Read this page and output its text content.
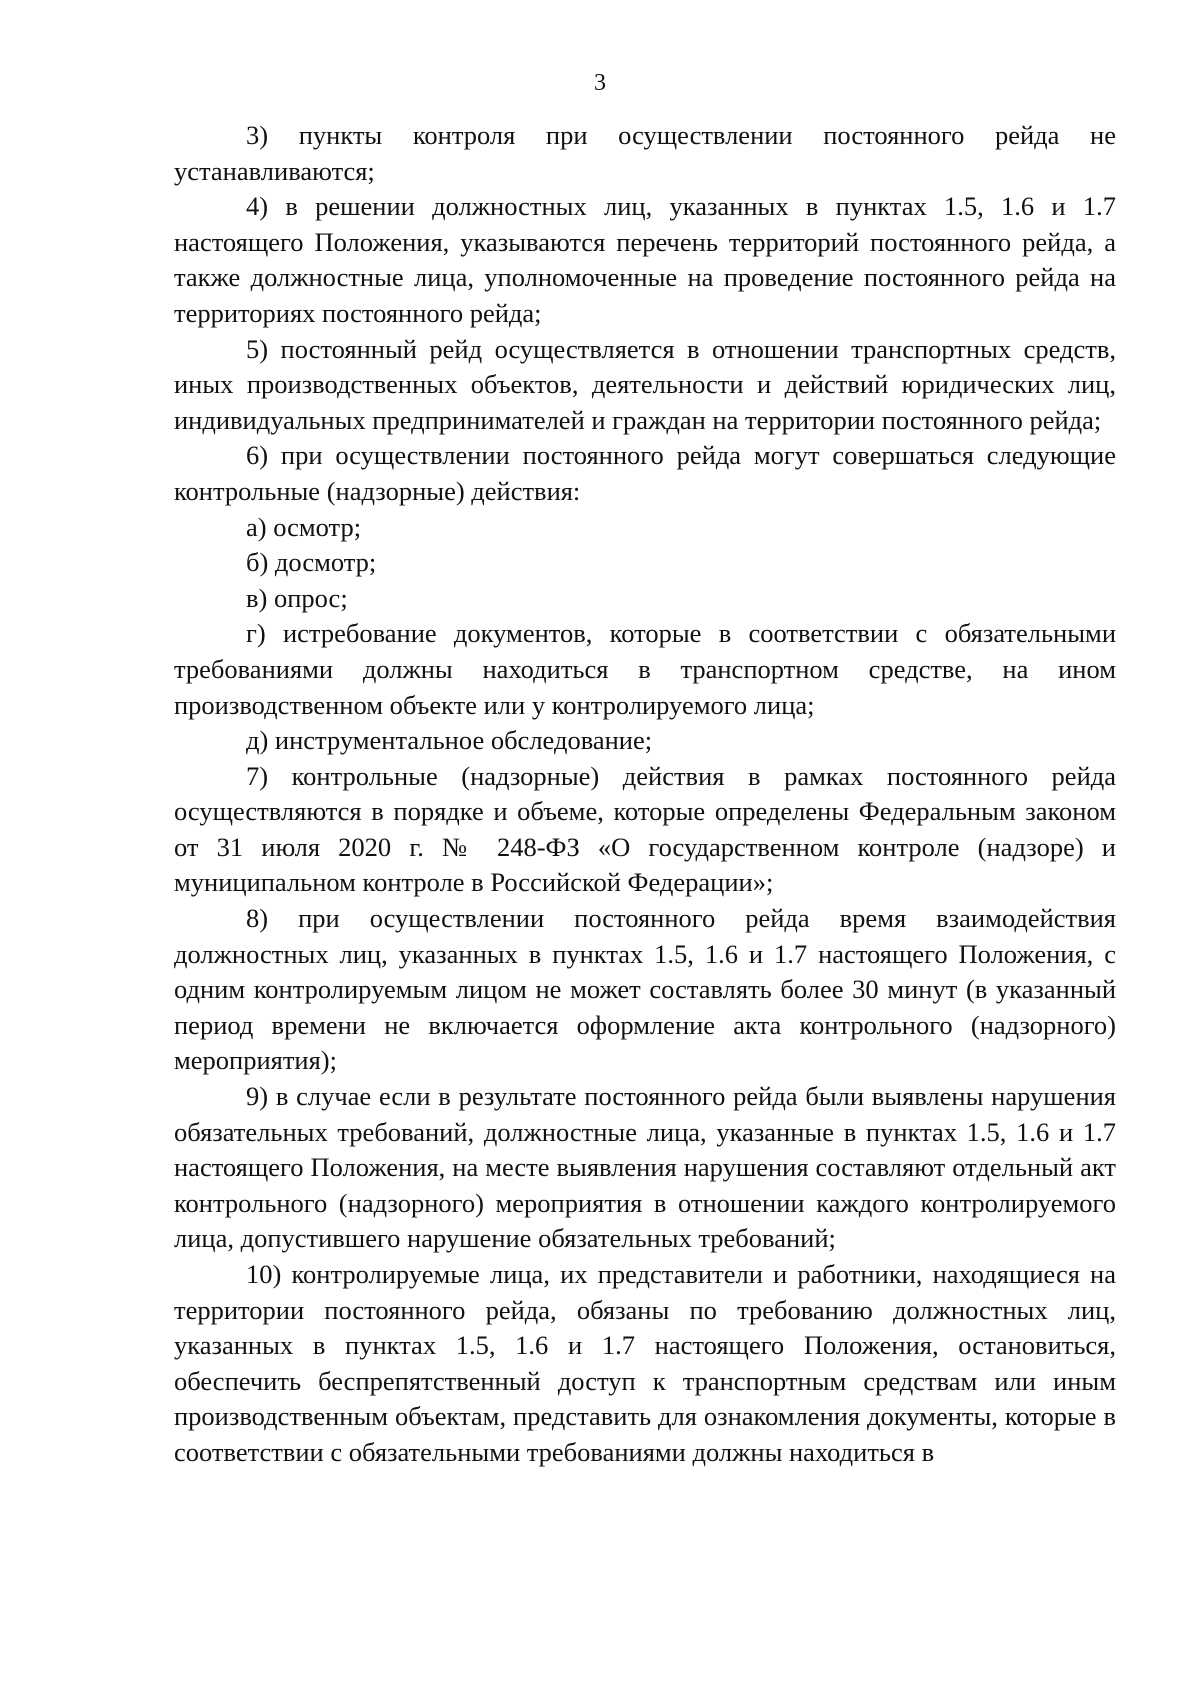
3

3) пункты контроля при осуществлении постоянного рейда не устанавливаются;

4) в решении должностных лиц, указанных в пунктах 1.5, 1.6 и 1.7 настоящего Положения, указываются перечень территорий постоянного рейда, а также должностные лица, уполномоченные на проведение постоянного рейда на территориях постоянного рейда;

5) постоянный рейд осуществляется в отношении транспортных средств, иных производственных объектов, деятельности и действий юридических лиц, индивидуальных предпринимателей и граждан на территории постоянного рейда;

6) при осуществлении постоянного рейда могут совершаться следующие контрольные (надзорные) действия:

а) осмотр;

б) досмотр;

в) опрос;

г) истребование документов, которые в соответствии с обязательными требованиями должны находиться в транспортном средстве, на ином производственном объекте или у контролируемого лица;

д) инструментальное обследование;

7) контрольные (надзорные) действия в рамках постоянного рейда осуществляются в порядке и объеме, которые определены Федеральным законом от 31 июля 2020 г. № 248-ФЗ «О государственном контроле (надзоре) и муниципальном контроле в Российской Федерации»;

8) при осуществлении постоянного рейда время взаимодействия должностных лиц, указанных в пунктах 1.5, 1.6 и 1.7 настоящего Положения, с одним контролируемым лицом не может составлять более 30 минут (в указанный период времени не включается оформление акта контрольного (надзорного) мероприятия);

9) в случае если в результате постоянного рейда были выявлены нарушения обязательных требований, должностные лица, указанные в пунктах 1.5, 1.6 и 1.7 настоящего Положения, на месте выявления нарушения составляют отдельный акт контрольного (надзорного) мероприятия в отношении каждого контролируемого лица, допустившего нарушение обязательных требований;

10) контролируемые лица, их представители и работники, находящиеся на территории постоянного рейда, обязаны по требованию должностных лиц, указанных в пунктах 1.5, 1.6 и 1.7 настоящего Положения, остановиться, обеспечить беспрепятственный доступ к транспортным средствам или иным производственным объектам, представить для ознакомления документы, которые в соответствии с обязательными требованиями должны находиться в
